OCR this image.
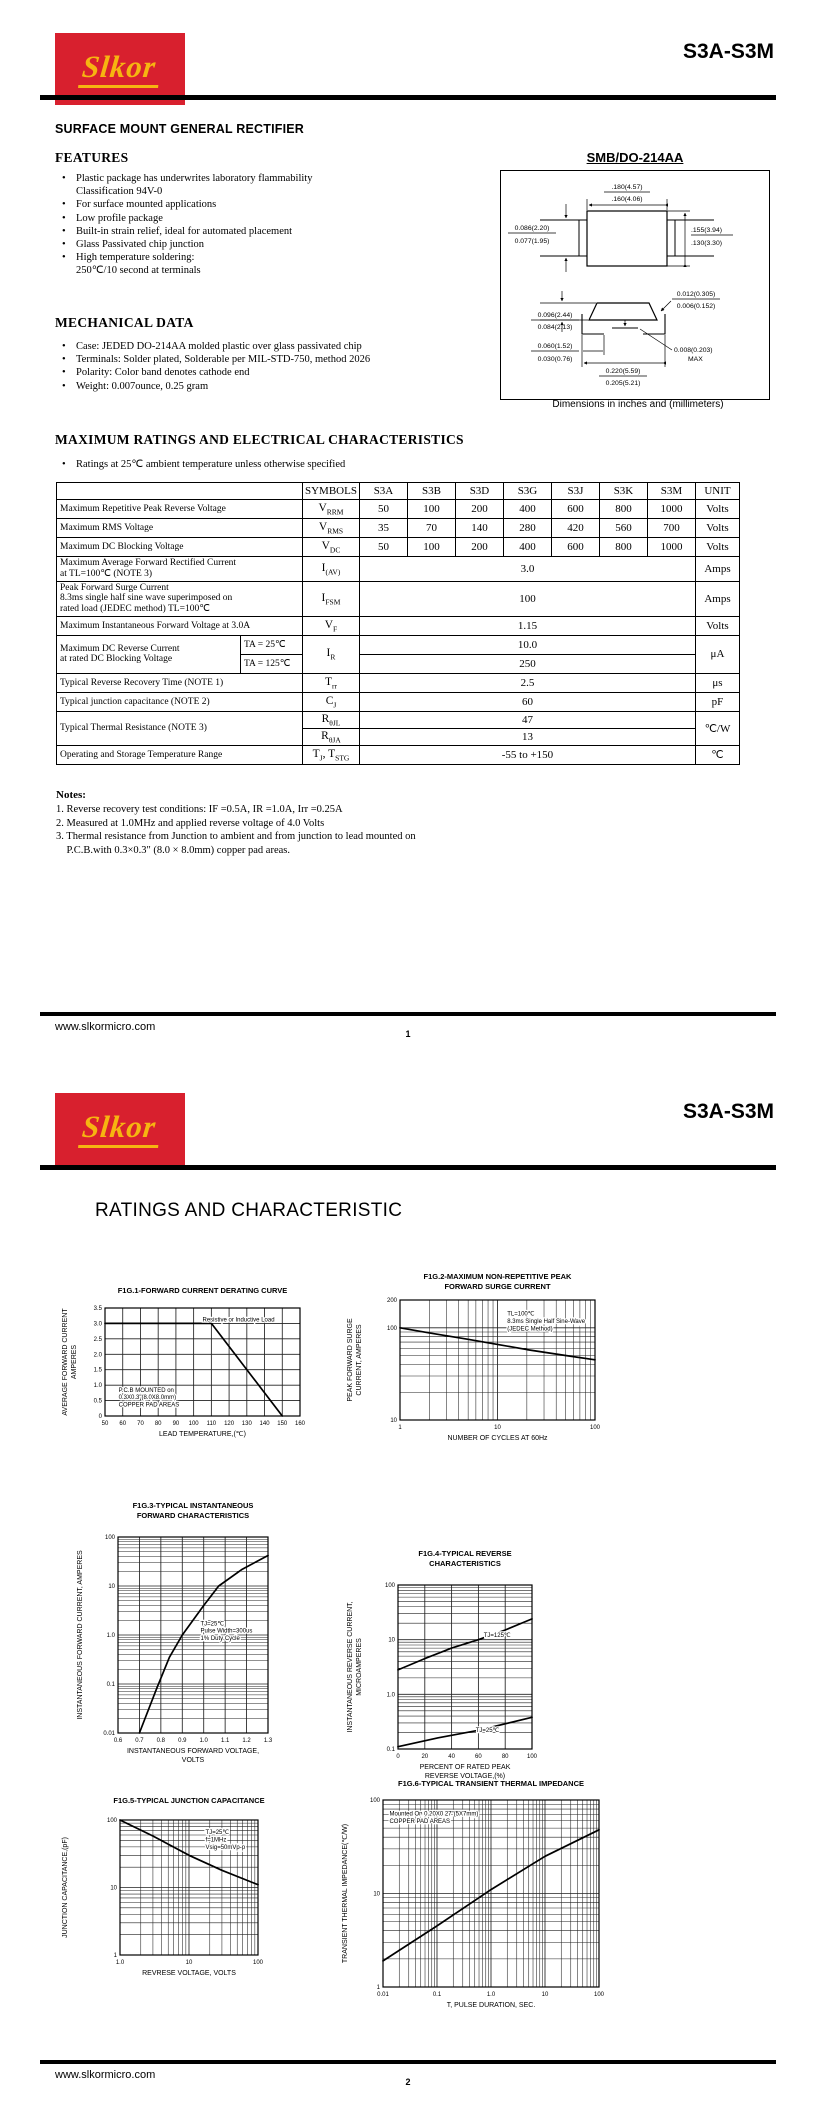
Slkor	S3A-S3M
SURFACE MOUNT GENERAL RECTIFIER
FEATURES
• Plastic package has underwrites laboratory flammability
Classification 94V-0
• For surface mounted applications
• Low profile package
• Built-in strain relief, ideal for automated placement
• Glass Passivated chip junction
• High temperature soldering:
250℃/10 second at terminals
MECHANICAL DATA
• Case: JEDED DO-214AA molded plastic over glass passivated chip
• Terminals: Solder plated, Solderable per MIL-STD-750, method 2026
• Polarity: Color band denotes cathode end
• Weight: 0.007ounce, 0.25 gram
SMB/DO-214AA
.180(4.57)
.160(4.06)
0.086(2.20)
0.077(1.95)
.155(3.94)
.130(3.30)
0.096(2.44)
0.084(2.13)
0.060(1.52)
0.030(0.76)
0.220(5.59)
0.205(5.21)
0.008(0.203)
MAX
0.012(0.305)
0.006(0.152)
Dimensions in inches and (millimeters)
MAXIMUM RATINGS AND ELECTRICAL CHARACTERISTICS
• Ratings at 25℃ ambient temperature unless otherwise specified
		SYMBOLS	S3A	S3B	S3D	S3G	S3J	S3K	S3M	UNIT
Maximum Repetitive Peak Reverse Voltage		$V_{RRM}$	50	100	200	400	600	800	1000	Volts
Maximum RMS Voltage		$V_{RMS}$	35	70	140	280	420	560	700	Volts
Maximum DC Blocking Voltage		$V_{DC}$	50	100	200	400	600	800	1000	Volts
Maximum Average Forward Rectified Current
at TL=100℃ (NOTE 3)		$I_{(AV)}$	3.0							Amps
Peak Forward Surge Current
8.3ms single half sine wave superimposed on
rated load (JEDEC method) TL=100℃		$I_{FSM}$	100							Amps
Maximum Instantaneous Forward Voltage at 3.0A		$V_F$	1.15							Volts
Maximum DC Reverse Current
at rated DC Blocking Voltage	TA = 25℃	$I_R$	10.0							μA
	TA = 125℃		250							
Typical Reverse Recovery Time (NOTE 1)		$T_{rr}$	2.5							μs
Typical junction capacitance (NOTE 2)		$C_J$	60							pF
Typical Thermal Resistance (NOTE 3)		$R_{\theta JL}$	47							℃/W
		$R_{\theta JA}$	13							
Operating and Storage Temperature Range		$T_J$, $T_{STG}$	-55 to +150							℃
Notes:
1. Reverse recovery test conditions: IF =0.5A, IR =1.0A, Irr =0.25A
2. Measured at 1.0MHz and applied reverse voltage of 4.0 Volts
3. Thermal resistance from Junction to ambient and from junction to lead mounted on
P.C.B.with 0.3×0.3" (8.0 × 8.0mm) copper pad areas.
www.slkormicro.com
1
Slkor	S3A-S3M
RATINGS AND CHARACTERISTIC
F1G.1-FORWARD CURRENT DERATING CURVE
50 60 70 80 90 100 110 120 130 140 150 160
0
0.5
1.0
1.5
2.0
2.5
3.0
3.5
LEAD TEMPERATURE,(℃)
AVERAGE FORWARD CURRENT AMPERES
Resistive or Inductive Load
P.C.B MOUNTED on
0.3X0.3"(8.0X8.0mm)
COPPER PAD AREAS
F1G.2-MAXIMUM NON-REPETITIVE PEAK
FORWARD SURGE CURRENT
1	10	100
200
100
10
NUMBER OF CYCLES AT 60Hz
PEAK FORWARD SURGE CURRENT, AMPERES
TL=100℃
8.3ms Single Half Sine-Wave
(JEDEC Method)
F1G.3-TYPICAL INSTANTANEOUS
FORWARD CHARACTERISTICS
0.6 0.7 0.8 0.9 1.0 1.1 1.2 1.3
100
10
1.0
0.1
0.01
INSTANTANEOUS FORWARD VOLTAGE,
VOLTS
INSTANTANEOUS FORWARD CURRENT, AMPERES	TJ=25℃
Pulse Width=300us
1% Duty Cycle
F1G.4-TYPICAL REVERSE
CHARACTERISTICS
0	20	40	60	80	100
100
10
1.0
0.1
PERCENT OF RATED PEAK
REVERSE VOLTAGE,(%)
INSTANTANEOUS REVERSE CURRENT, MICROAMPERES
TJ=125℃
TJ=25℃
F1G.5-TYPICAL JUNCTION CAPACITANCE
1.0	10	100
100
10
1
REVRESE VOLTAGE, VOLTS
JUNCTION CAPACITANCE,(pF)
TJ=25℃
f=1MHz
Vsig=50mVp-p
F1G.6-TYPICAL TRANSIENT THERMAL IMPEDANCE
0.01	0.1	1.0	10	100
100
10
1
T, PULSE DURATION, SEC.
TRANSIENT THERMAL IMPEDANCE(℃/W)
Mounted On 0.20X0.27"(5X7mm)
COPPER PAD AREAS
www.slkormicro.com
2
